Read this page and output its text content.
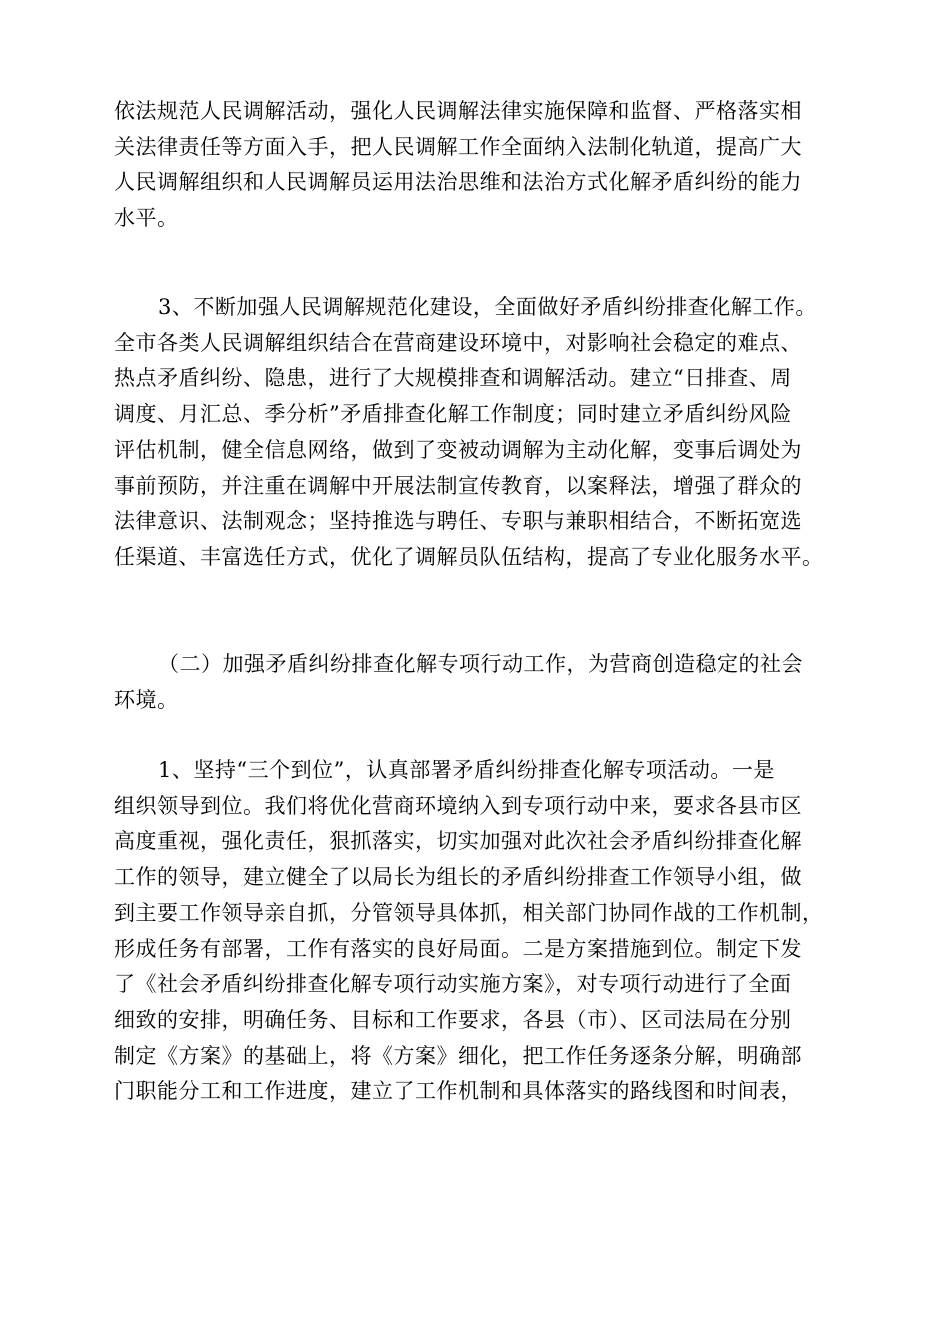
依法规范人民调解活动，强化人民调解法律实施保障和监督、严格落实相
关法律责任等方面入手，把人民调解工作全面纳入法制化轨道，提高广大
人民调解组织和人民调解员运用法治思维和法治方式化解矛盾纠纷的能力
水平。
3、不断加强人民调解规范化建设，全面做好矛盾纠纷排查化解工作。
全市各类人民调解组织结合在营商建设环境中，对影响社会稳定的难点、
热点矛盾纠纷、隐患，进行了大规模排查和调解活动。建立“日排查、周
调度、月汇总、季分析”矛盾排查化解工作制度；同时建立矛盾纠纷风险
评估机制，健全信息网络，做到了变被动调解为主动化解，变事后调处为
事前预防，并注重在调解中开展法制宣传教育，以案释法，增强了群众的
法律意识、法制观念；坚持推选与聘任、专职与兼职相结合，不断拓宽选
任渠道、丰富选任方式，优化了调解员队伍结构，提高了专业化服务水平。
（二）加强矛盾纠纷排查化解专项行动工作，为营商创造稳定的社会
环境。
1、坚持“三个到位”，认真部署矛盾纠纷排查化解专项活动。一是
组织领导到位。我们将优化营商环境纳入到专项行动中来，要求各县市区
高度重视，强化责任，狠抓落实，切实加强对此次社会矛盾纠纷排查化解
工作的领导，建立健全了以局长为组长的矛盾纠纷排查工作领导小组，做
到主要工作领导亲自抓，分管领导具体抓，相关部门协同作战的工作机制，
形成任务有部署，工作有落实的良好局面。二是方案措施到位。制定下发
了《社会矛盾纠纷排查化解专项行动实施方案》，对专项行动进行了全面
细致的安排，明确任务、目标和工作要求，各县（市）、区司法局在分别
制定《方案》的基础上，将《方案》细化，把工作任务逐条分解，明确部
门职能分工和工作进度，建立了工作机制和具体落实的路线图和时间表，
